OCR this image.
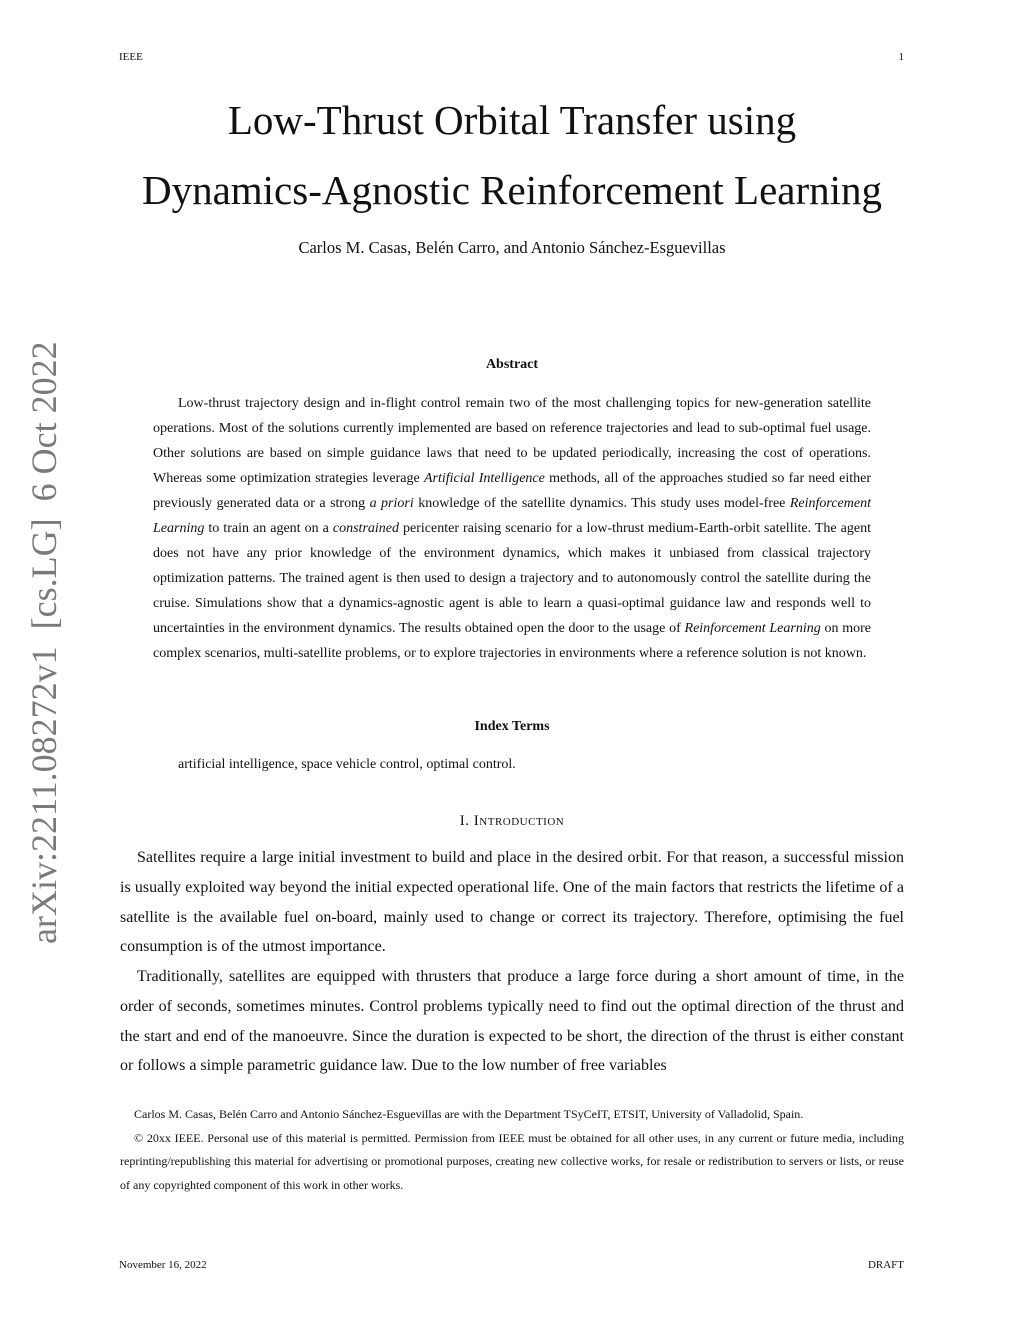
IEEE	1
arXiv:2211.08272v1 [cs.LG] 6 Oct 2022
Low-Thrust Orbital Transfer using
Dynamics-Agnostic Reinforcement Learning
Carlos M. Casas, Belén Carro, and Antonio Sánchez-Esguevillas
Abstract

Low-thrust trajectory design and in-flight control remain two of the most challenging topics for new-generation satellite operations. Most of the solutions currently implemented are based on reference trajectories and lead to sub-optimal fuel usage. Other solutions are based on simple guidance laws that need to be updated periodically, increasing the cost of operations. Whereas some optimization strategies leverage Artificial Intelligence methods, all of the approaches studied so far need either previously generated data or a strong a priori knowledge of the satellite dynamics. This study uses model-free Reinforcement Learning to train an agent on a constrained pericenter raising scenario for a low-thrust medium-Earth-orbit satellite. The agent does not have any prior knowledge of the environment dynamics, which makes it unbiased from classical trajectory optimization patterns. The trained agent is then used to design a trajectory and to autonomously control the satellite during the cruise. Simulations show that a dynamics-agnostic agent is able to learn a quasi-optimal guidance law and responds well to uncertainties in the environment dynamics. The results obtained open the door to the usage of Reinforcement Learning on more complex scenarios, multi-satellite problems, or to explore trajectories in environments where a reference solution is not known.

Index Terms
artificial intelligence, space vehicle control, optimal control.
I. Introduction

Satellites require a large initial investment to build and place in the desired orbit. For that reason, a successful mission is usually exploited way beyond the initial expected operational life. One of the main factors that restricts the lifetime of a satellite is the available fuel on-board, mainly used to change or correct its trajectory. Therefore, optimising the fuel consumption is of the utmost importance.

Traditionally, satellites are equipped with thrusters that produce a large force during a short amount of time, in the order of seconds, sometimes minutes. Control problems typically need to find out the optimal direction of the thrust and the start and end of the manoeuvre. Since the duration is expected to be short, the direction of the thrust is either constant or follows a simple parametric guidance law. Due to the low number of free variables

Carlos M. Casas, Belén Carro and Antonio Sánchez-Esguevillas are with the Department TSyCeIT, ETSIT, University of Valladolid, Spain.

© 20xx IEEE. Personal use of this material is permitted. Permission from IEEE must be obtained for all other uses, in any current or future media, including reprinting/republishing this material for advertising or promotional purposes, creating new collective works, for resale or redistribution to servers or lists, or reuse of any copyrighted component of this work in other works.

November 16, 2022	DRAFT
